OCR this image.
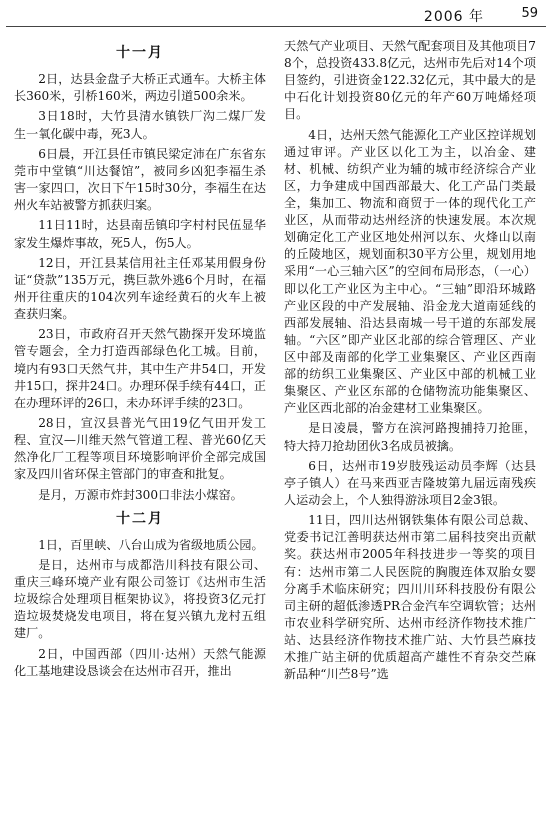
2006 年	59
十一月

2日，达县金盘子大桥正式通车。大桥主体长360米，引桥160米，两边引道500余米。

3日18时，大竹县清水镇铁厂沟二煤厂发生一氧化碳中毒，死3人。

6日晨，开江县任市镇民梁定沛在广东省东莞市中堂镇“川达餐馆”，被同乡凶犯李福生杀害一家四口，次日下午15时30分，李福生在达州火车站被警方抓获归案。

11日11时，达县南岳镇印字村村民伍显华家发生爆炸事故，死5人，伤5人。

12日，开江县某信用社主任邓某用假身份证“贷款”135万元，携巨款外逃6个月时，在福州开往重庆的104次列车途经黄石的火车上被查获归案。

23日，市政府召开天然气勘探开发环境监管专题会，全力打造西部绿色化工城。目前，境内有93口天然气井，其中生产井54口，开发井15口，探井24口。办理环保手续有44口，正在办理环评的26口，未办环评手续的23口。

28日，宣汉县普光气田19亿气田开发工程、宣汉—川维天然气管道工程、普光60亿天然净化厂工程等项目环境影响评价全部完成国家及四川省环保主管部门的审查和批复。

是月，万源市炸封300口非法小煤窑。

十二月

1日，百里峡、八台山成为省级地质公园。

是日，达州市与成都浩川科技有限公司、重庆三峰环境产业有限公司签订《达州市生活垃圾综合处理项目框架协议》，将投资3亿元打造垃圾焚烧发电项目，将在复兴镇九龙村五组建厂。

2日，中国西部（四川·达州）天然气能源化工基地建设恳谈会在达州市召开，推出

天然气产业项目、天然气配套项目及其他项目78个，总投资433.8亿元，达州市先后对14个项目签约，引进资金122.32亿元，其中最大的是中石化计划投资80亿元的年产60万吨烯烃项目。

4日，达州天然气能源化工产业区控详规划通过审评。产业区以化工为主，以冶金、建材、机械、纺织产业为辅的城市经济综合产业区，力争建成中国西部最大、化工产品门类最全，集加工、物流和商贸于一体的现代化工产业区，从而带动达州经济的快速发展。本次规划确定化工产业区地处州河以东、火烽山以南的丘陵地区，规划面积30平方公里，规划用地采用“一心三轴六区”的空间布局形态，（一心）即以化工产业区为主中心。“三轴”即沿环城路产业区段的中产发展轴、沿金龙大道南延线的西部发展轴、沿达县南城一号干道的东部发展轴。“六区”即产业区北部的综合管理区、产业区中部及南部的化学工业集聚区、产业区西南部的纺织工业集聚区、产业区中部的机械工业集聚区、产业区东部的仓储物流功能集聚区、产业区西北部的冶金建材工业集聚区。

是日凌晨，警方在滨河路搜捕持刀抢匪，特大持刀抢劫团伙3名成员被擒。

6日，达州市19岁肢残运动员李辉（达县亭子镇人）在马来西亚吉隆坡第九届远南残疾人运动会上，个人独得游泳项目2金3银。

11日，四川达州钢铁集体有限公司总裁、党委书记江善明获达州市第二届科技突出贡献奖。获达州市2005年科技进步一等奖的项目有：达州市第二人民医院的胸腹连体双胎女婴分离手术临床研究；四川川环科技股份有限公司主研的超低渗透PR合金汽车空调软管；达州市农业科学研究所、达州市经济作物技术推广站、达县经济作物技术推广站、大竹县苎麻技术推广站主研的优质超高产雄性不育杂交苎麻新品种“川苎8号”选
